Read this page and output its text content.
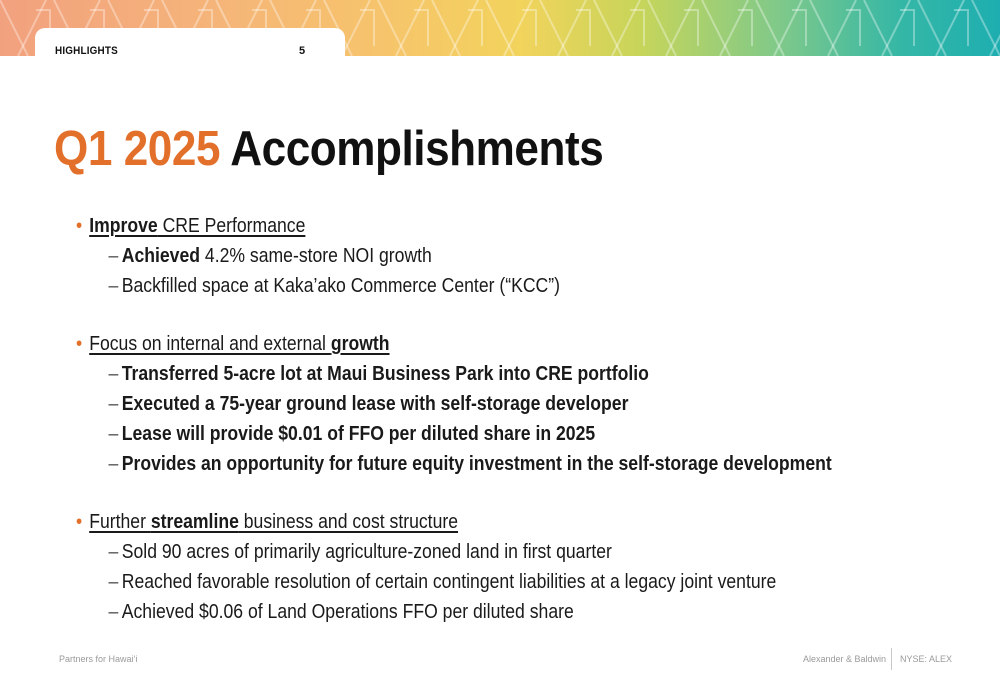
HIGHLIGHTS	5
Q1 2025 Accomplishments
• Improve CRE Performance
– Achieved 4.2% same-store NOI growth
– Backfilled space at Kaka’ako Commerce Center (“KCC”)
• Focus on internal and external growth
– Transferred 5-acre lot at Maui Business Park into CRE portfolio
– Executed a 75-year ground lease with self-storage developer
– Lease will provide $0.01 of FFO per diluted share in 2025
– Provides an opportunity for future equity investment in the self-storage development
• Further streamline business and cost structure
– Sold 90 acres of primarily agriculture-zoned land in first quarter
– Reached favorable resolution of certain contingent liabilities at a legacy joint venture
– Achieved $0.06 of Land Operations FFO per diluted share
Partners for Hawai‘i	Alexander & Baldwin NYSE: ALEX
